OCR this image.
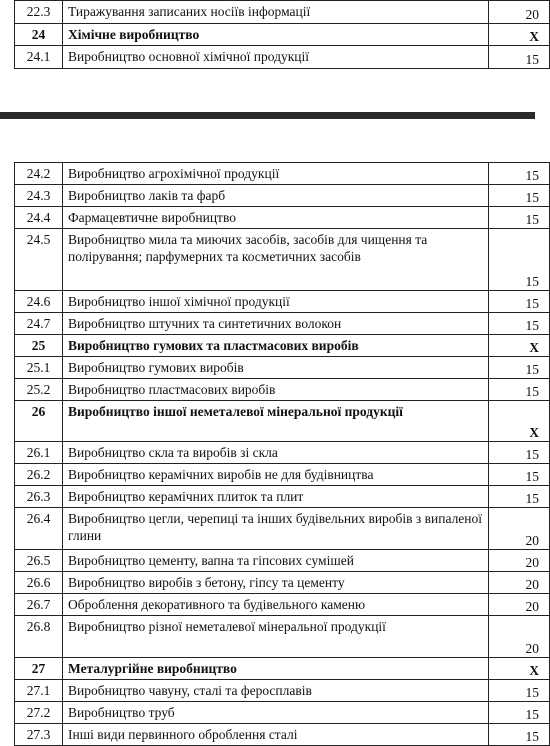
22.3	Тиражування записаних носіїв інформації	20
24	Хімічне виробництво	Х
24.1	Виробництво основної хімічної продукції	15
24.2	Виробництво агрохімічної продукції	15
24.3	Виробництво лаків та фарб	15
24.4	Фармацевтичне виробництво	15
24.5	Виробництво мила та миючих засобів, засобів для чищення та полірування; парфумерних та косметичних засобів	15
24.6	Виробництво іншої хімічної продукції	15
24.7	Виробництво штучних та синтетичних волокон	15
25	Виробництво гумових та пластмасових виробів	Х
25.1	Виробництво гумових виробів	15
25.2	Виробництво пластмасових виробів	15
26	Виробництво іншої неметалевої мінеральної продукції	Х
26.1	Виробництво скла та виробів зі скла	15
26.2	Виробництво керамічних виробів не для будівництва	15
26.3	Виробництво керамічних плиток та плит	15
26.4	Виробництво цегли, черепиці та інших будівельних виробів з випаленої глини	20
26.5	Виробництво цементу, вапна та гіпсових сумішей	20
26.6	Виробництво виробів з бетону, гіпсу та цементу	20
26.7	Оброблення декоративного та будівельного каменю	20
26.8	Виробництво різної неметалевої мінеральної продукції	20
27	Металургійне виробництво	Х
27.1	Виробництво чавуну, сталі та феросплавів	15
27.2	Виробництво труб	15
27.3	Інші види первинного оброблення сталі	15
